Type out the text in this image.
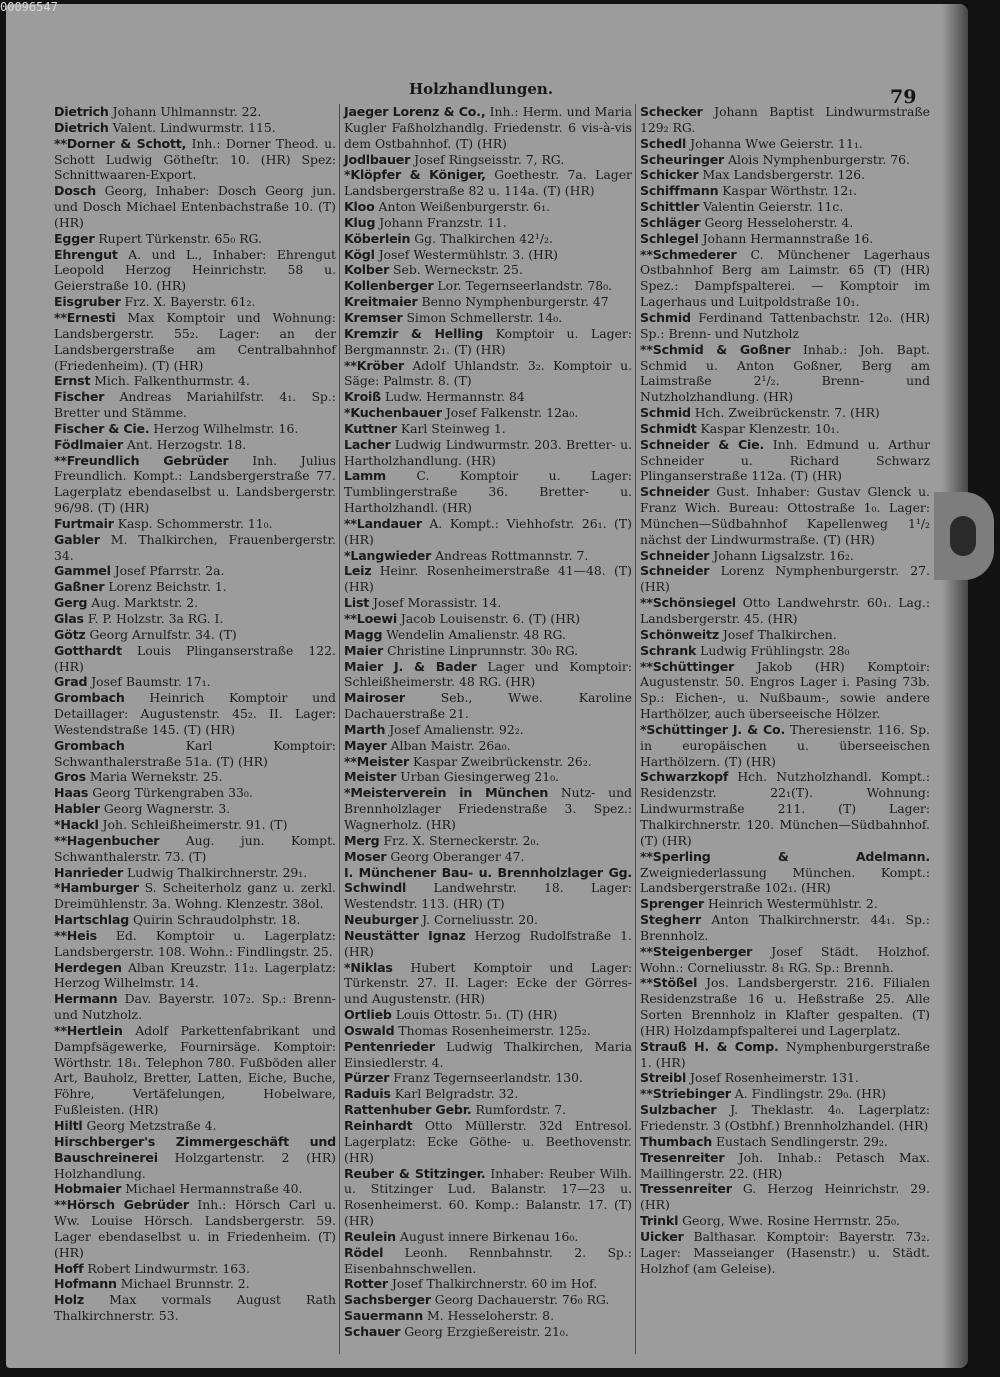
00096547
Holzhandlungen.	79
Dietrich Johann Uhlmannstr. 22.
Dietrich Valent. Lindwurmstr. 115.
**Dorner & Schott, Inh.: Dorner Theod. u. Schott Ludwig Götheſtr. 10. (HR) Spez: Schnittwaaren-Export.
Dosch Georg, Inhaber: Dosch Georg jun. und Dosch Michael Entenbachstraße 10. (T) (HR)
Egger Rupert Türkenstr. 65₀ RG.
Ehrengut A. und L., Inhaber: Ehrengut Leopold Herzog Heinrichstr. 58 u. Geierstraße 10. (HR)
Eisgruber Frz. X. Bayerstr. 61₂.
**Ernesti Max Komptoir und Wohnung: Landsbergerstr. 55₂. Lager: an der Landsbergerstraße am Centralbahnhof (Friedenheim). (T) (HR)
Ernst Mich. Falkenthurmstr. 4.
Fischer Andreas Mariahilfstr. 4₁. Sp.: Bretter und Stämme.
Fischer & Cie. Herzog Wilhelmstr. 16.
Födlmaier Ant. Herzogstr. 18.
**Freundlich Gebrüder Inh. Julius Freundlich. Kompt.: Landsbergerstraße 77. Lagerplatz ebendaselbst u. Landsbergerstr. 96/98. (T) (HR)
Furtmair Kasp. Schommerstr. 11₀.
Gabler M. Thalkirchen, Frauenbergerstr. 34.
Gammel Josef Pfarrstr. 2a.
Gaßner Lorenz Beichstr. 1.
Gerg Aug. Marktstr. 2.
Glas F. P. Holzstr. 3a RG. I.
Götz Georg Arnulfstr. 34. (T)
Gotthardt Louis Plinganserstraße 122. (HR)
Grad Josef Baumstr. 17₁.
Grombach Heinrich Komptoir und Detaillager: Augustenstr. 45₂. II. Lager: Westendstraße 145. (T) (HR)
Grombach	Karl Komptoir: Schwanthalerstraße 51a. (T) (HR)
Gros Maria Wernekstr. 25.
Haas Georg Türkengraben 33₀.
Habler Georg Wagnerstr. 3.
*Hackl Joh. Schleißheimerstr. 91. (T)
**Hagenbucher Aug. jun. Kompt. Schwanthalerstr. 73. (T)
Hanrieder Ludwig Thalkirchnerstr. 29₁.
*Hamburger S. Scheiterholz ganz u. zerkl. Dreimühlenstr. 3a. Wohng. Klenzestr. 38ol.
Hartschlag Quirin Schraudolphstr. 18.
**Heis Ed. Komptoir u. Lagerplatz: Landsbergerstr. 108. Wohn.: Findlingstr. 25.
Herdegen Alban Kreuzstr. 11₂. Lagerplatz: Herzog Wilhelmstr. 14.
Hermann Dav. Bayerstr. 107₂. Sp.: Brenn- und Nutzholz.
**Hertlein Adolf Parkettenfabrikant und Dampfsägewerke, Fournirsäge. Komptoir: Wörthstr. 18₁. Telephon 780. Fußböden aller Art, Bauholz, Bretter, Latten, Eiche, Buche, Föhre, Vertäfelungen, Hobelware, Fußleisten. (HR)
Hiltl Georg Metzstraße 4.
Hirschberger's Zimmergeschäft und Bauschreinerei Holzgartenstr. 2 (HR) Holzhandlung.
Hobmaier Michael Hermannstraße 40.
**Hörsch Gebrüder Inh.: Hörsch Carl u. Ww. Louise Hörsch. Landsbergerstr. 59. Lager ebendaselbst u. in Friedenheim. (T) (HR)
Hoff Robert Lindwurmstr. 163.
Hofmann Michael Brunnstr. 2.
Holz Max vormals August Rath Thalkirchnerstr. 53.
Jaeger Lorenz & Co., Inh.: Herm. und Maria Kugler Faßholzhandlg. Friedenstr. 6 vis-à-vis dem Ostbahnhof. (T) (HR)
Jodlbauer Josef Ringseisstr. 7, RG.
*Klöpfer & Königer, Goethestr. 7a. Lager Landsbergerstraße 82 u. 114a. (T) (HR)
Kloo Anton Weißenburgerstr. 6₁.
Klug Johann Franzstr. 11.
Köberlein Gg. Thalkirchen 42¹/₂.
Kögl Josef Westermühlstr. 3. (HR)
Kolber Seb. Werneckstr. 25.
Kollenberger Lor. Tegernseerlandstr. 78₀.
Kreitmaier Benno Nymphenburgerstr. 47
Kremser Simon Schmellerstr. 14₀.
Kremzir & Helling Komptoir u. Lager: Bergmannstr. 2₁. (T) (HR)
**Kröber Adolf Uhlandstr. 3₂. Komptoir u. Säge: Palmstr. 8. (T)
Kroiß Ludw. Hermannstr. 84
*Kuchenbauer Josef Falkenstr. 12a₀.
Kuttner Karl Steinweg 1.
Lacher Ludwig Lindwurmstr. 203. Bretter- u. Hartholzhandlung. (HR)
Lamm C. Komptoir u. Lager: Tumblingerstraße 36. Bretter- u. Hartholzhandl. (HR)
**Landauer A. Kompt.: Viehhofstr. 26₁. (T) (HR)
*Langwieder Andreas Rottmannstr. 7.
Leiz Heinr. Rosenheimerstraße 41—48. (T) (HR)
List Josef Morassistr. 14.
**Loewi Jacob Louisenstr. 6. (T) (HR)
Magg Wendelin Amalienstr. 48 RG.
Maier Christine Linprunnstr. 30₀ RG.
Maier J. & Bader Lager und Komptoir: Schleißheimerstr. 48 RG. (HR)
Mairoser	Seb., Wwe. Karoline Dachauerstraße 21.
Marth Josef Amalienstr. 92₂.
Mayer Alban Maistr. 26a₀.
**Meister Kaspar Zweibrückenstr. 26₂.
Meister Urban Giesingerweg 21₀.
*Meisterverein in München Nutz- und Brennholzlager Friedenstraße 3. Spez.: Wagnerholz. (HR)
Merg Frz. X. Sterneckerstr. 2₀.
Moser Georg Oberanger 47.
I. Münchener Bau- u. Brennholzlager Gg. Schwindl Landwehrstr. 18. Lager: Westendstr. 113. (HR) (T)
Neuburger J. Corneliusstr. 20.
Neustätter Ignaz Herzog Rudolfstraße 1. (HR)
*Niklas Hubert Komptoir und Lager: Türkenstr. 27. II. Lager: Ecke der Görres- und Augustenstr. (HR)
Ortlieb Louis Ottostr. 5₁. (T) (HR)
Oswald Thomas Rosenheimerstr. 125₂.
Pentenrieder Ludwig Thalkirchen, Maria Einsiedlerstr. 4.
Pürzer Franz Tegernseerlandstr. 130.
Raduis Karl Belgradstr. 32.
Rattenhuber Gebr. Rumfordstr. 7.
Reinhardt Otto Müllerstr. 32d Entresol. Lagerplatz: Ecke Göthe- u. Beethovenstr. (HR)
Reuber & Stitzinger. Inhaber: Reuber Wilh. u. Stitzinger Lud. Balanstr. 17—23 u. Rosenheimerst. 60. Komp.: Balanstr. 17. (T) (HR)
Reulein August innere Birkenau 16₀.
Rödel Leonh. Rennbahnstr. 2. Sp.: Eisenbahnschwellen.
Rotter Josef Thalkirchnerstr. 60 im Hof.
Sachsberger Georg Dachauerstr. 76₀ RG.
Sauermann M. Hesseloherstr. 8.
Schauer Georg Erzgießereistr. 21₀.
Schecker Johann Baptist Lindwurmstraße 129₂ RG.
Schedl Johanna Wwe Geierstr. 11₁.
Scheuringer Alois Nymphenburgerstr. 76.
Schicker Max Landsbergerstr. 126.
Schiffmann Kaspar Wörthstr. 12₁.
Schittler Valentin Geierstr. 11c.
Schläger Georg Hesseloherstr. 4.
Schlegel Johann Hermannstraße 16.
**Schmederer C. Münchener Lagerhaus Ostbahnhof Berg am Laimstr. 65 (T) (HR) Spez.: Dampfspalterei. — Komptoir im Lagerhaus und Luitpoldstraße 10₁.
Schmid Ferdinand Tattenbachstr. 12₀. (HR) Sp.: Brenn- und Nutzholz
**Schmid & Goßner Inhab.: Joh. Bapt. Schmid u. Anton Goßner, Berg am Laimstraße 2¹/₂. Brenn- und Nutzholzhandlung. (HR)
Schmid Hch. Zweibrückenstr. 7. (HR)
Schmidt Kaspar Klenzestr. 10₁.
Schneider & Cie. Inh. Edmund u. Arthur Schneider u. Richard Schwarz Plinganserstraße 112a. (T) (HR)
Schneider Gust. Inhaber: Gustav Glenck u. Franz Wich. Bureau: Ottostraße 1₀. Lager: München—Südbahnhof Kapellenweg 1¹/₂ nächst der Lindwurmstraße. (T) (HR)
Schneider Johann Ligsalzstr. 16₂.
Schneider Lorenz Nymphenburgerstr. 27. (HR)
**Schönsiegel Otto Landwehrstr. 60₁. Lag.: Landsbergerstr. 45. (HR)
Schönweitz Josef Thalkirchen.
Schrank Ludwig Frühlingstr. 28₀
**Schüttinger Jakob (HR) Komptoir: Augustenstr. 50. Engros Lager i. Pasing 73b. Sp.: Eichen-, u. Nußbaum-, sowie andere Harthölzer, auch überseeische Hölzer.
*Schüttinger J. & Co. Theresienstr. 116. Sp. in europäischen u. überseeischen Harthölzern. (T) (HR)
Schwarzkopf Hch. Nutzholzhandl. Kompt.: Residenzstr. 22₁(T). Wohnung: Lindwurmstraße 211. (T) Lager: Thalkirchnerstr. 120. München—Südbahnhof. (T) (HR)
**Sperling & Adelmann. Zweigniederlassung München. Kompt.: Landsbergerstraße 102₁. (HR)
Sprenger Heinrich Westermühlstr. 2.
Stegherr Anton Thalkirchnerstr. 44₁. Sp.: Brennholz.
**Steigenberger Josef Städt. Holzhof. Wohn.: Corneliusstr. 8₁ RG. Sp.: Brennh.
**Stößel Jos. Landsbergerstr. 216. Filialen Residenzstraße 16 u. Heßstraße 25. Alle Sorten Brennholz in Klafter gespalten. (T) (HR) Holzdampfspalterei und Lagerplatz.
Strauß H. & Comp. Nymphenburgerstraße 1. (HR)
Streibl Josef Rosenheimerstr. 131.
**Striebinger A. Findlingstr. 29₀. (HR)
Sulzbacher J. Theklastr. 4₀. Lagerplatz: Friedenstr. 3 (Ostbhf.) Brennholzhandel. (HR)
Thumbach Eustach Sendlingerstr. 29₂.
Tresenreiter Joh. Inhab.: Petasch Max. Maillingerstr. 22. (HR)
Tressenreiter G. Herzog Heinrichstr. 29. (HR)
Trinkl Georg, Wwe. Rosine Herrnstr. 25₀.
Uicker Balthasar. Komptoir: Bayerstr. 73₂. Lager: Masseianger (Hasenstr.) u. Städt. Holzhof (am Geleise).
